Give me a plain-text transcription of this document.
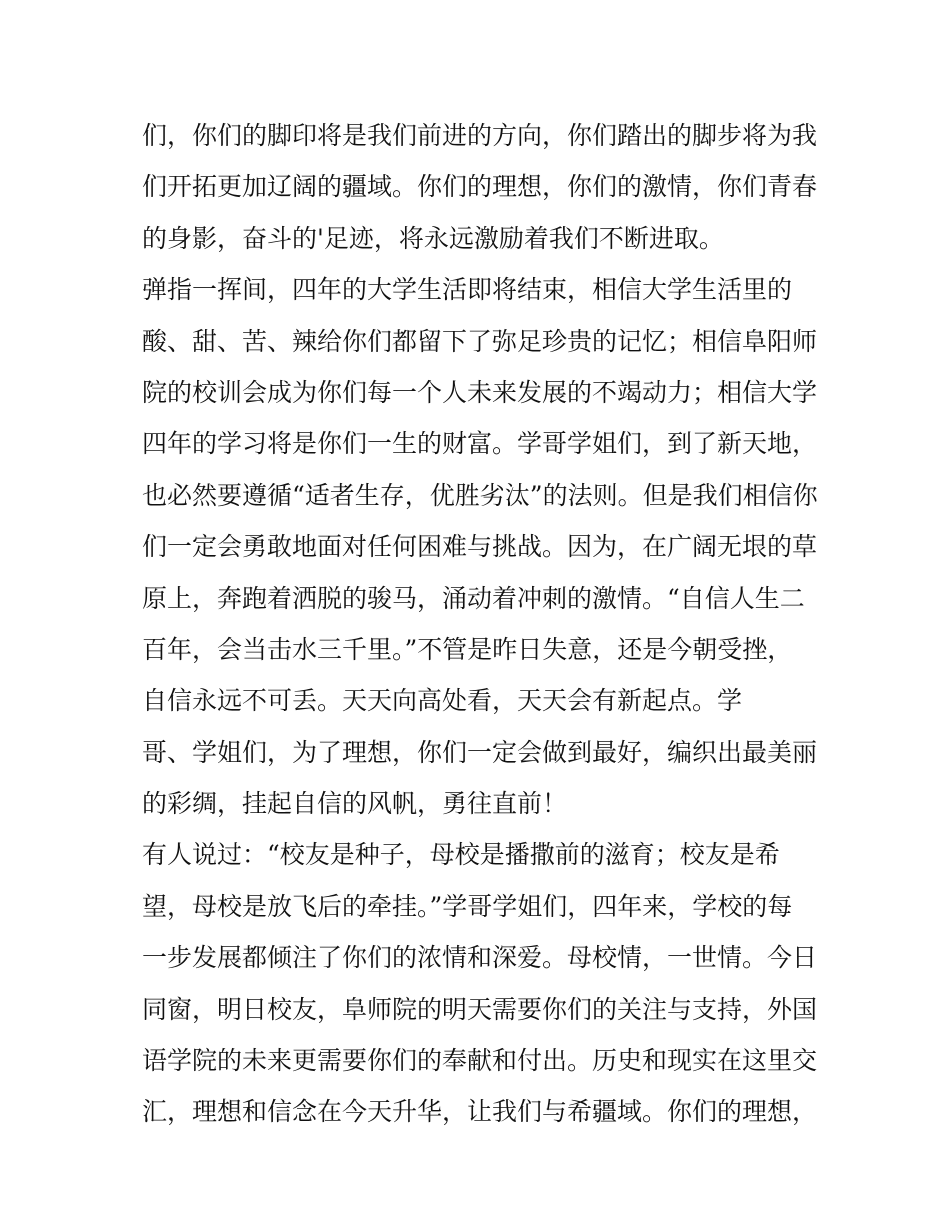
们，你们的脚印将是我们前进的方向，你们踏出的脚步将为我
们开拓更加辽阔的疆域。你们的理想，你们的激情，你们青春
的身影，奋斗的'足迹，将永远激励着我们不断进取。
弹指一挥间，四年的大学生活即将结束，相信大学生活里的
酸、甜、苦、辣给你们都留下了弥足珍贵的记忆；相信阜阳师
院的校训会成为你们每一个人未来发展的不竭动力；相信大学
四年的学习将是你们一生的财富。学哥学姐们，到了新天地，
也必然要遵循“适者生存，优胜劣汰”的法则。但是我们相信你
们一定会勇敢地面对任何困难与挑战。因为，在广阔无垠的草
原上，奔跑着洒脱的骏马，涌动着冲刺的激情。“自信人生二
百年，会当击水三千里。”不管是昨日失意，还是今朝受挫，
自信永远不可丢。天天向高处看，天天会有新起点。学
哥、学姐们，为了理想，你们一定会做到最好，编织出最美丽
的彩绸，挂起自信的风帆，勇往直前！
有人说过：“校友是种子，母校是播撒前的滋育；校友是希
望，母校是放飞后的牵挂。”学哥学姐们，四年来，学校的每
一步发展都倾注了你们的浓情和深爱。母校情，一世情。今日
同窗，明日校友，阜师院的明天需要你们的关注与支持，外国
语学院的未来更需要你们的奉献和付出。历史和现实在这里交
汇，理想和信念在今天升华，让我们与希疆域。你们的理想，
